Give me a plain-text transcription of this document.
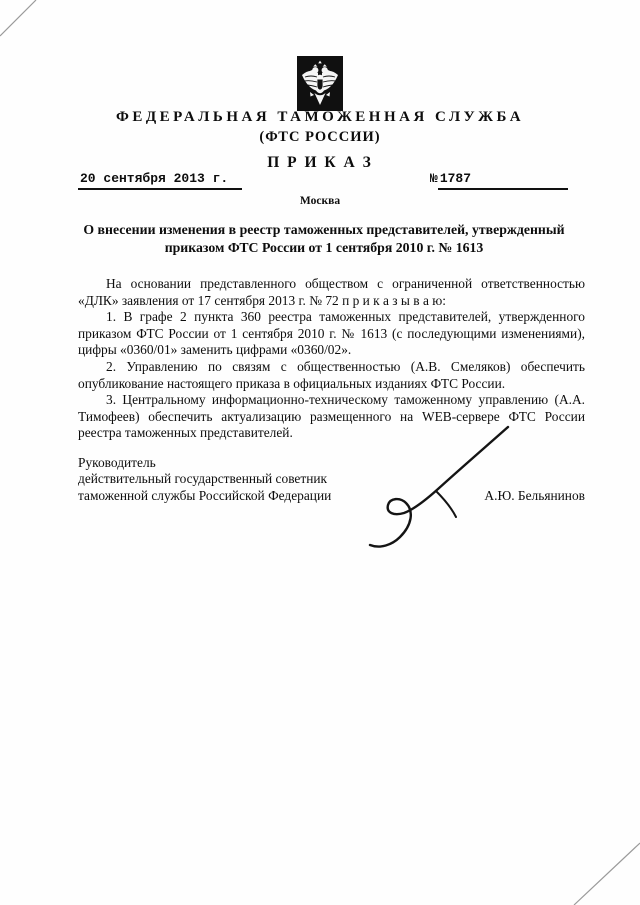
ФЕДЕРАЛЬНАЯ ТАМОЖЕННАЯ СЛУЖБА
(ФТС РОССИИ)
П Р И К А З
20 сентября 2013 г.	№ 1787
Москва
О внесении изменения в реестр таможенных представителей, утвержденный приказом ФТС России от 1 сентября 2010 г. № 1613

На основании представленного обществом с ограниченной ответственностью «ДЛК» заявления от 17 сентября 2013 г. № 72 п р и к а з ы в а ю:

1. В графе 2 пункта 360 реестра таможенных представителей, утвержденного приказом ФТС России от 1 сентября 2010 г. № 1613 (с последующими изменениями), цифры «0360/01» заменить цифрами «0360/02».

2. Управлению по связям с общественностью (А.В. Смеляков) обеспечить опубликование настоящего приказа в официальных изданиях ФТС России.

3. Центральному информационно-техническому таможенному управлению (А.А. Тимофеев) обеспечить актуализацию размещенного на WEB-сервере ФТС России реестра таможенных представителей.

Руководитель
действительный государственный советник
таможенной службы Российской Федерации	А.Ю. Бельянинов
